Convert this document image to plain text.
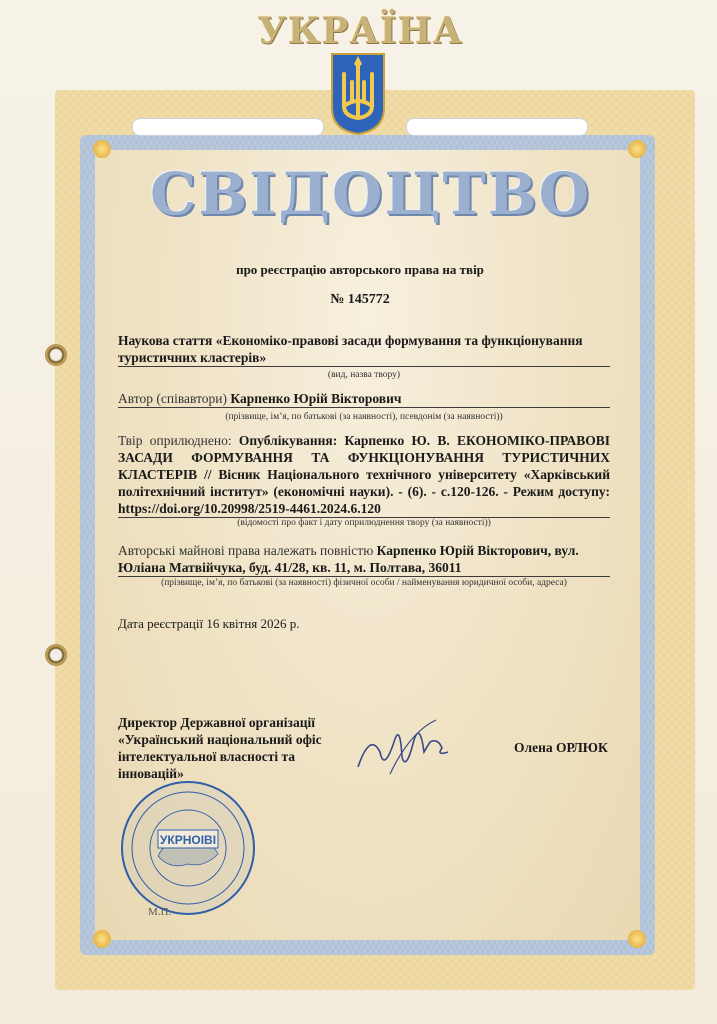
УКРАЇНА
СВІДОЦТВО
про реєстрацію авторського права на твір
№ 145772
Наукова стаття «Економіко-правові засади формування та функціонування туристичних кластерів»
(вид, назва твору)
Автор (співавтори) Карпенко Юрій Вікторович
(прізвище, ім’я, по батькові (за наявності), псевдонім (за наявності))
Твір оприлюднено: Опублікування: Карпенко Ю. В. ЕКОНОМІКО-ПРАВОВІ ЗАСАДИ ФОРМУВАННЯ ТА ФУНКЦІОНУВАННЯ ТУРИСТИЧНИХ КЛАСТЕРІВ // Вісник Національного технічного університету «Харківський політехнічний інститут» (економічні науки). - (6). - с.120-126. - Режим доступу: https://doi.org/10.20998/2519-4461.2024.6.120
(відомості про факт і дату оприлюднення твору (за наявності))
Авторські майнові права належать повністю Карпенко Юрій Вікторович, вул. Юліана Матвійчука, буд. 41/28, кв. 11, м. Полтава, 36011
(прізвище, ім’я, по батькові (за наявності) фізичної особи / найменування юридичної особи, адреса)
Дата реєстрації 16 квітня 2026 р.
Директор Державної організації «Український національний офіс інтелектуальної власності та інновацій»
Олена ОРЛЮК
УКРНОІВІ
М.П.
